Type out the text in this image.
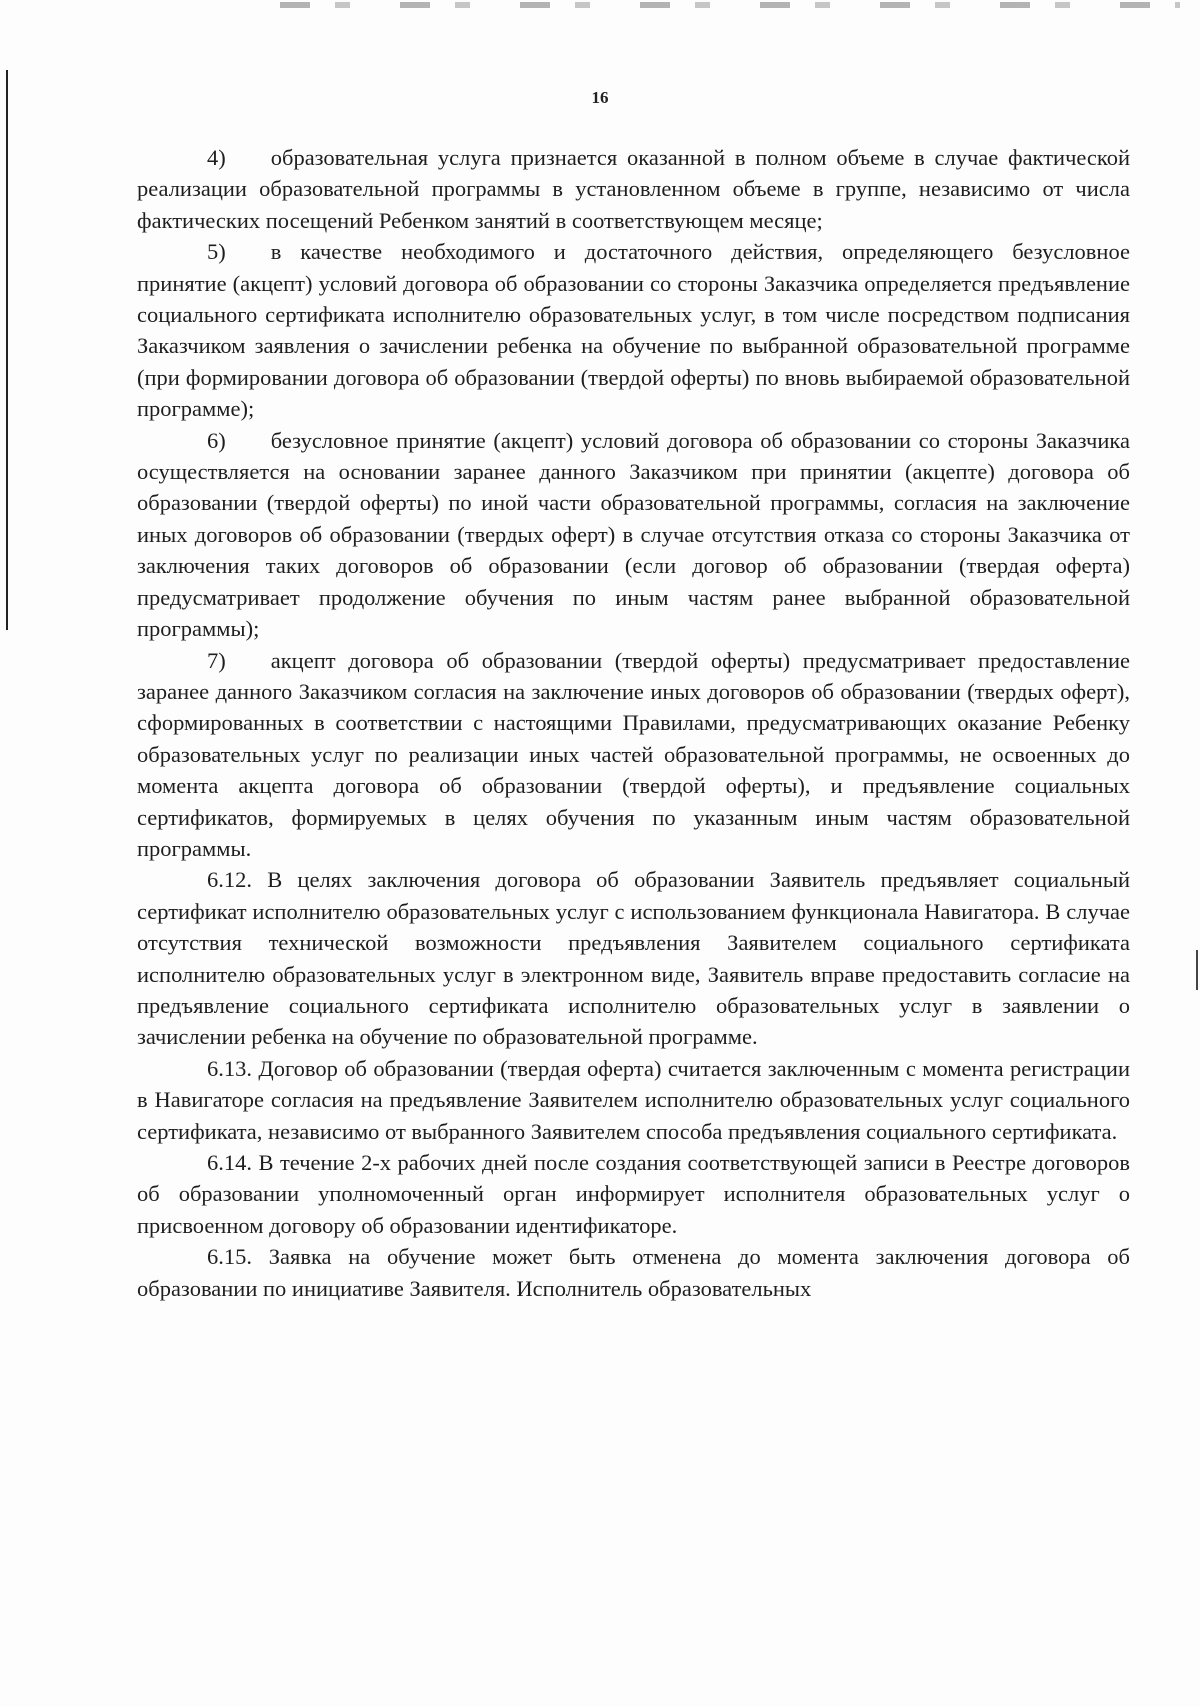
16

4)  образовательная услуга признается оказанной в полном объеме в случае фактической реализации образовательной программы в установленном объеме в группе, независимо от числа фактических посещений Ребенком занятий в соответствующем месяце;

5)  в качестве необходимого и достаточного действия, определяющего безусловное принятие (акцепт) условий договора об образовании со стороны Заказчика определяется предъявление социального сертификата исполнителю образовательных услуг, в том числе посредством подписания Заказчиком заявления о зачислении ребенка на обучение по выбранной образовательной программе (при формировании договора об образовании (твердой оферты) по вновь выбираемой образовательной программе);

6)  безусловное принятие (акцепт) условий договора об образовании со стороны Заказчика осуществляется на основании заранее данного Заказчиком при принятии (акцепте) договора об образовании (твердой оферты) по иной части образовательной программы, согласия на заключение иных договоров об образовании (твердых оферт) в случае отсутствия отказа со стороны Заказчика от заключения таких договоров об образовании (если договор об образовании (твердая оферта) предусматривает продолжение обучения по иным частям ранее выбранной образовательной программы);

7)  акцепт договора об образовании (твердой оферты) предусматривает предоставление заранее данного Заказчиком согласия на заключение иных договоров об образовании (твердых оферт), сформированных в соответствии с настоящими Правилами, предусматривающих оказание Ребенку образовательных услуг по реализации иных частей образовательной программы, не освоенных до момента акцепта договора об образовании (твердой оферты), и предъявление социальных сертификатов, формируемых в целях обучения по указанным иным частям образовательной программы.

6.12. В целях заключения договора об образовании Заявитель предъявляет социальный сертификат исполнителю образовательных услуг с использованием функционала Навигатора. В случае отсутствия технической возможности предъявления Заявителем социального сертификата исполнителю образовательных услуг в электронном виде, Заявитель вправе предоставить согласие на предъявление социального сертификата исполнителю образовательных услуг в заявлении о зачислении ребенка на обучение по образовательной программе.

6.13. Договор об образовании (твердая оферта) считается заключенным с момента регистрации в Навигаторе согласия на предъявление Заявителем исполнителю образовательных услуг социального сертификата, независимо от выбранного Заявителем способа предъявления социального сертификата.

6.14. В течение 2-х рабочих дней после создания соответствующей записи в Реестре договоров об образовании уполномоченный орган информирует исполнителя образовательных услуг о присвоенном договору об образовании идентификаторе.

6.15. Заявка на обучение может быть отменена до момента заключения договора об образовании по инициативе Заявителя. Исполнитель образовательных
